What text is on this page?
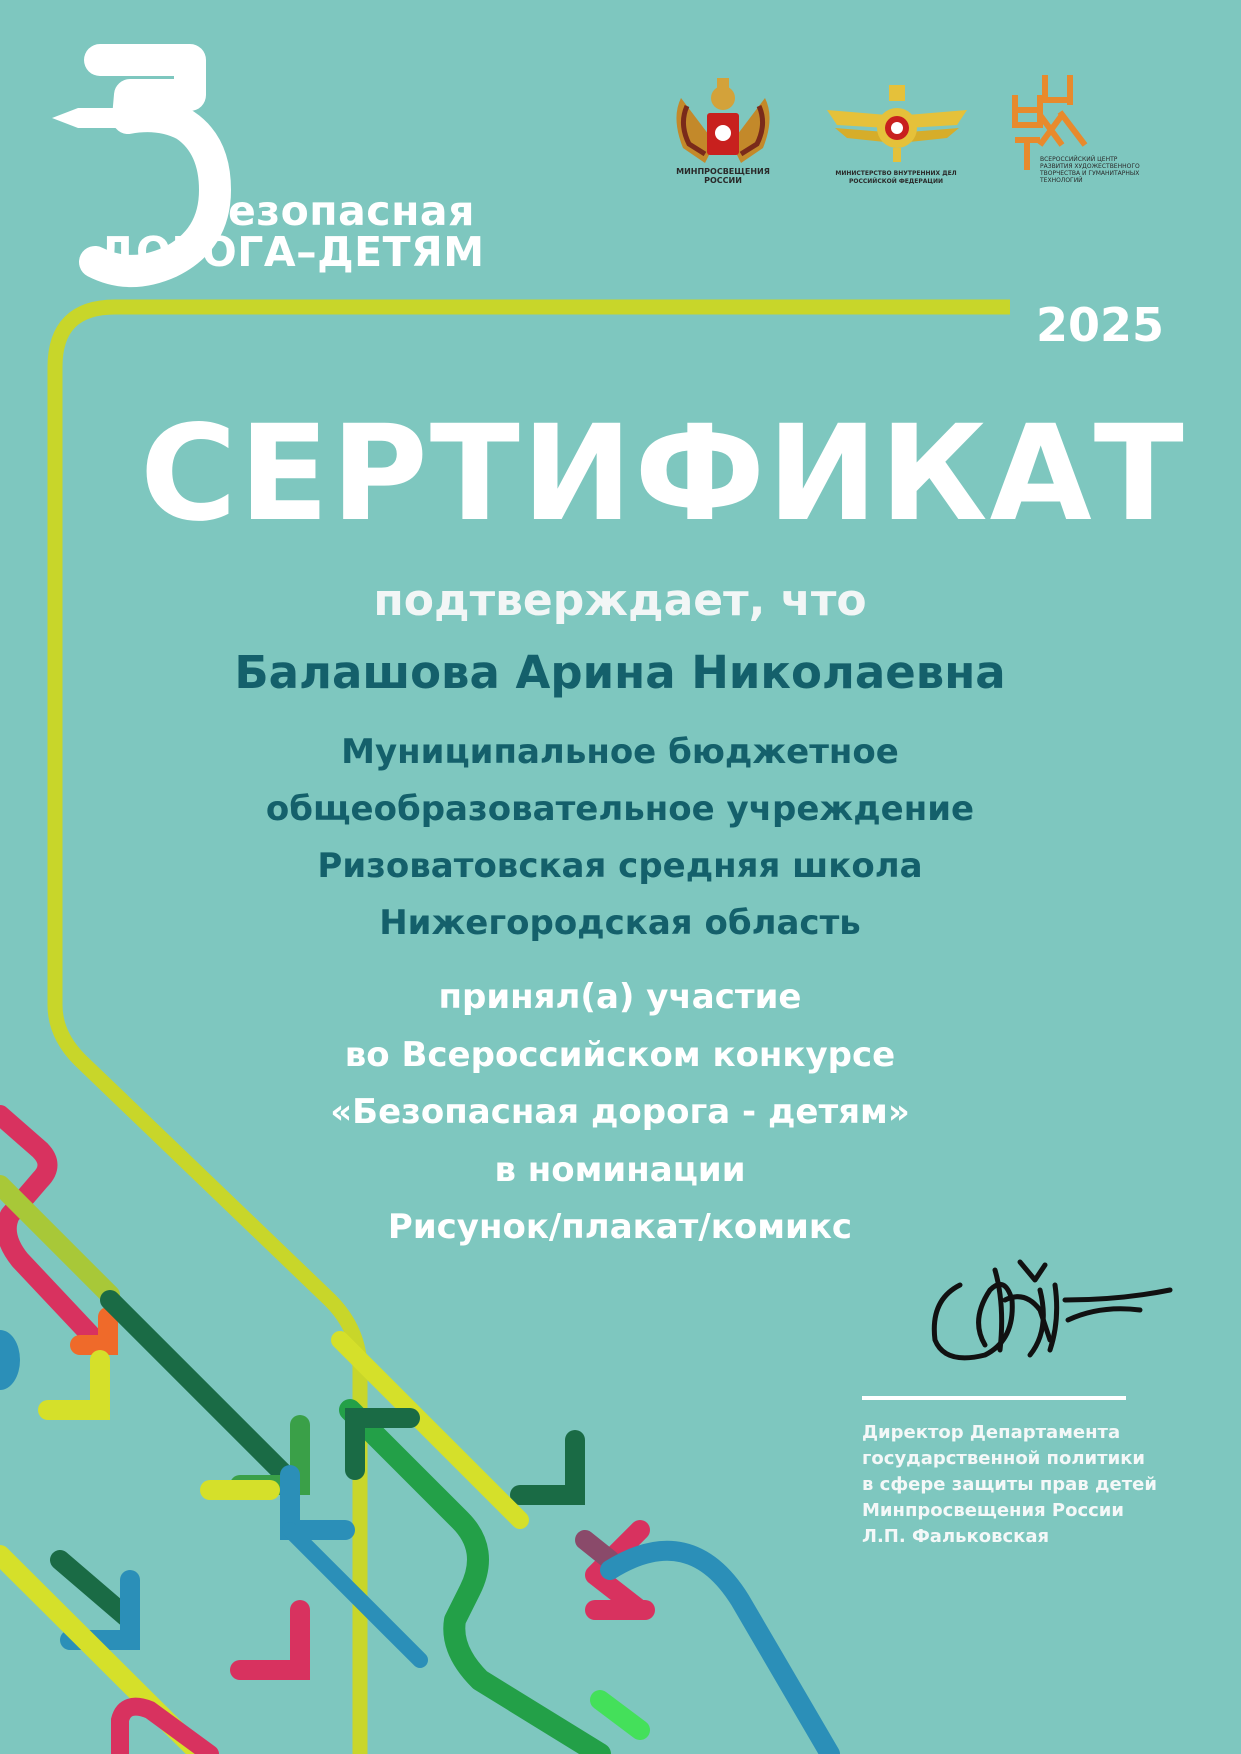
езопасная
ДОРОГА–ДЕТЯМ
МИНПРОСВЕЩЕНИЯ РОССИИ
МИНИСТЕРСТВО ВНУТРЕННИХ ДЕЛ РОССИЙСКОЙ ФЕДЕРАЦИИ
ВСЕРОССИЙСКИЙ ЦЕНТР РАЗВИТИЯ ХУДОЖЕСТВЕННОГО ТВОРЧЕСТВА И ГУМАНИТАРНЫХ ТЕХНОЛОГИЙ
2025
СЕРТИФИКАТ
подтверждает, что
Балашова Арина Николаевна
Муниципальное бюджетное
общеобразовательное учреждение
Ризоватовская средняя школа
Нижегородская область
принял(а) участие
во Всероссийском конкурсе
«Безопасная дорога - детям»
в номинации
Рисунок/плакат/комикс
Директор Департамента
государственной политики
в сфере защиты прав детей
Минпросвещения России
Л.П. Фальковская
